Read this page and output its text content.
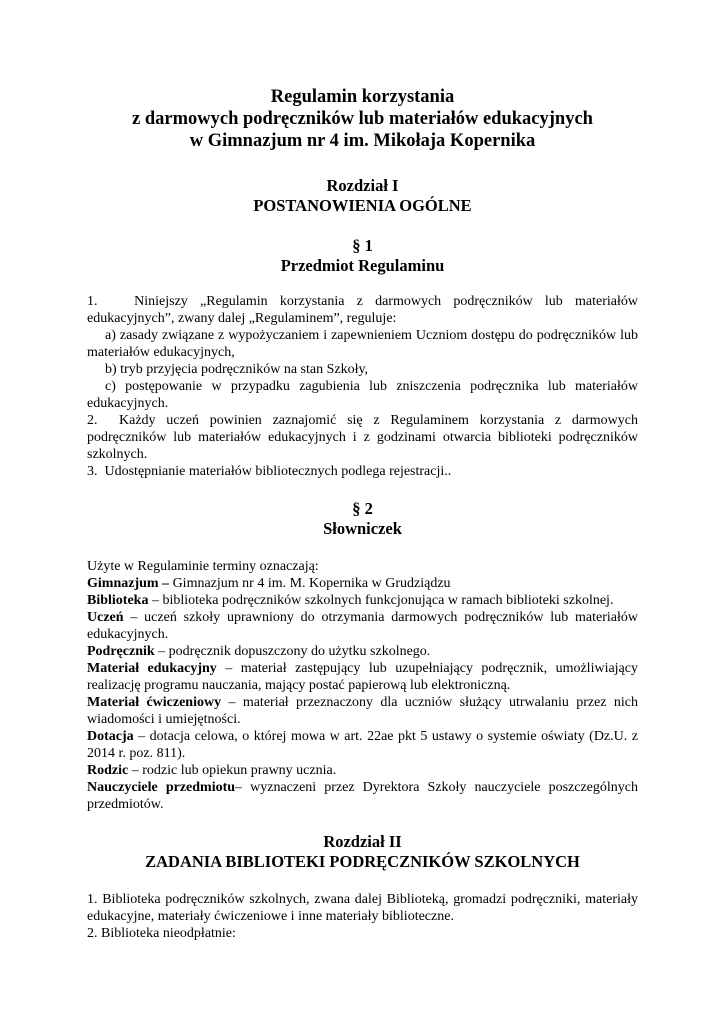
Regulamin korzystania
z darmowych podręczników lub materiałów edukacyjnych
w Gimnazjum nr 4 im. Mikołaja Kopernika
Rozdział I
POSTANOWIENIA OGÓLNE
§ 1
Przedmiot Regulaminu

1.   Niniejszy „Regulamin korzystania z darmowych podręczników lub materiałów edukacyjnych”, zwany dalej „Regulaminem”, reguluje:

a) zasady związane z wypożyczaniem i zapewnieniem Uczniom dostępu do podręczników lub materiałów edukacyjnych,

b) tryb przyjęcia podręczników na stan Szkoły,

c) postępowanie w przypadku zagubienia lub zniszczenia podręcznika lub materiałów edukacyjnych.

2.  Każdy uczeń powinien zaznajomić się z Regulaminem korzystania z darmowych podręczników lub materiałów edukacyjnych i z godzinami otwarcia biblioteki podręczników szkolnych.

3.  Udostępnianie materiałów bibliotecznych podlega rejestracji..

§ 2
Słowniczek

Użyte w Regulaminie terminy oznaczają:

Gimnazjum – Gimnazjum nr 4 im. M. Kopernika w Grudziądzu

Biblioteka – biblioteka podręczników szkolnych funkcjonująca w ramach biblioteki szkolnej.

Uczeń – uczeń szkoły uprawniony do otrzymania darmowych podręczników lub materiałów edukacyjnych.

Podręcznik – podręcznik dopuszczony do użytku szkolnego.

Materiał edukacyjny – materiał zastępujący lub uzupełniający podręcznik, umożliwiający realizację programu nauczania, mający postać papierową lub elektroniczną.

Materiał ćwiczeniowy – materiał przeznaczony dla uczniów służący utrwalaniu przez nich wiadomości i umiejętności.

Dotacja – dotacja celowa, o której mowa w art. 22ae pkt 5 ustawy o systemie oświaty (Dz.U. z 2014 r. poz. 811).

Rodzic – rodzic lub opiekun prawny ucznia.

Nauczyciele przedmiotu– wyznaczeni przez Dyrektora Szkoły nauczyciele poszczególnych przedmiotów.

Rozdział II
ZADANIA BIBLIOTEKI PODRĘCZNIKÓW SZKOLNYCH

1. Biblioteka podręczników szkolnych, zwana dalej Biblioteką, gromadzi podręczniki, materiały edukacyjne, materiały ćwiczeniowe i inne materiały biblioteczne.

2. Biblioteka nieodpłatnie:
